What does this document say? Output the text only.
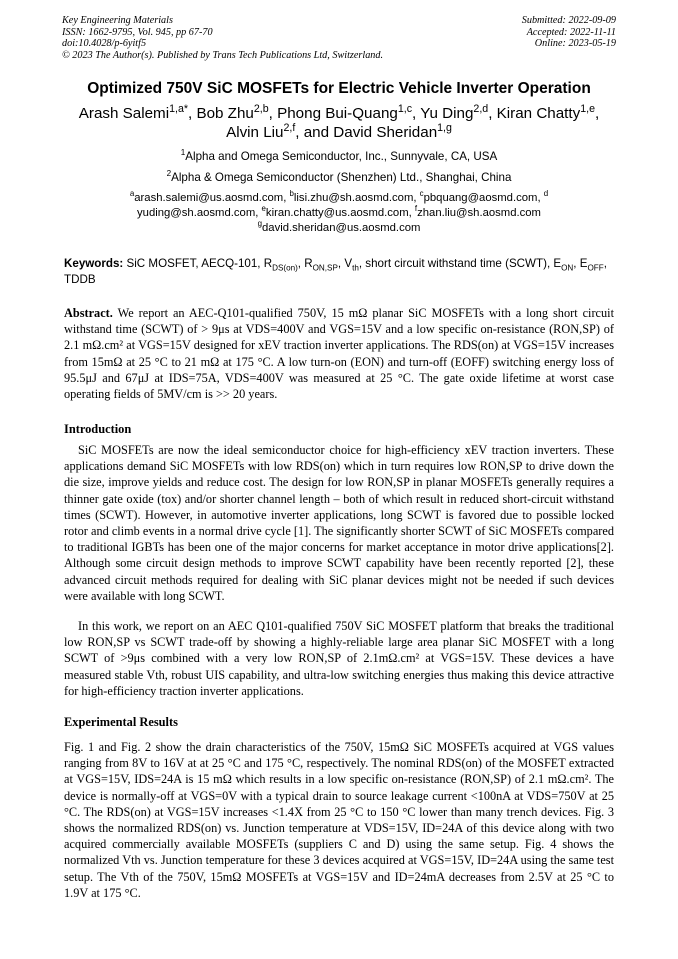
Key Engineering Materials
ISSN: 1662-9795, Vol. 945, pp 67-70
doi:10.4028/p-6yitf5
© 2023 The Author(s). Published by Trans Tech Publications Ltd, Switzerland.
Submitted: 2022-09-09
Accepted: 2022-11-11
Online: 2023-05-19
Optimized 750V SiC MOSFETs for Electric Vehicle Inverter Operation
Arash Salemi$^{1,a*}$, Bob Zhu$^{2,b}$, Phong Bui-Quang$^{1,c}$, Yu Ding$^{2,d}$, Kiran Chatty$^{1,e}$,
Alvin Liu$^{2,f}$, and David Sheridan$^{1,g}$
$^1$Alpha and Omega Semiconductor, Inc., Sunnyvale, CA, USA
$^2$Alpha & Omega Semiconductor (Shenzhen) Ltd., Shanghai, China
$^a$arash.salemi@us.aosmd.com, $^b$lisi.zhu@sh.aosmd.com, $^c$pbquang@aosmd.com, $^d$
yuding@sh.aosmd.com, $^e$kiran.chatty@us.aosmd.com, $^f$zhan.liu@sh.aosmd.com
$^g$david.sheridan@us.aosmd.com
Keywords: SiC MOSFET, AECQ-101, $R_{DS(on)}$, $R_{ON,SP}$, $V_{th}$, short circuit withstand time (SCWT), $E_{ON}$, $E_{OFF}$, TDDB

Abstract. We report an AEC-Q101-qualified 750V, 15 mΩ planar SiC MOSFETs with a long short circuit withstand time (SCWT) of > 9μs at VDS=400V and VGS=15V and a low specific on-resistance (RON,SP) of 2.1 mΩ.cm² at VGS=15V designed for xEV traction inverter applications. The RDS(on) at VGS=15V increases from 15mΩ at 25 °C to 21 mΩ at 175 °C. A low turn-on (EON) and turn-off (EOFF) switching energy loss of 95.5μJ and 67μJ at IDS=75A, VDS=400V was measured at 25 °C. The gate oxide lifetime at worst case operating fields of 5MV/cm is >> 20 years.

Introduction

SiC MOSFETs are now the ideal semiconductor choice for high-efficiency xEV traction inverters. These applications demand SiC MOSFETs with low RDS(on) which in turn requires low RON,SP to drive down the die size, improve yields and reduce cost. The design for low RON,SP in planar MOSFETs generally requires a thinner gate oxide (tox) and/or shorter channel length – both of which result in reduced short-circuit withstand times (SCWT). However, in automotive inverter applications, long SCWT is favored due to possible locked rotor and climb events in a normal drive cycle [1]. The significantly shorter SCWT of SiC MOSFETs compared to traditional IGBTs has been one of the major concerns for market acceptance in motor drive applications[2]. Although some circuit design methods to improve SCWT capability have been recently reported [2], these advanced circuit methods required for dealing with SiC planar devices might not be needed if such devices were available with long SCWT.

In this work, we report on an AEC Q101-qualified 750V SiC MOSFET platform that breaks the traditional low RON,SP vs SCWT trade-off by showing a highly-reliable large area planar SiC MOSFET with a long SCWT of >9μs combined with a very low RON,SP of 2.1mΩ.cm² at VGS=15V. These devices a have measured stable Vth, robust UIS capability, and ultra-low switching energies thus making this device attractive for high-efficiency traction inverter applications.

Experimental Results

Fig. 1 and Fig. 2 show the drain characteristics of the 750V, 15mΩ SiC MOSFETs acquired at VGS values ranging from 8V to 16V at at 25 °C and 175 °C, respectively. The nominal RDS(on) of the MOSFET extracted at VGS=15V, IDS=24A is 15 mΩ which results in a low specific on-resistance (RON,SP) of 2.1 mΩ.cm². The device is normally-off at VGS=0V with a typical drain to source leakage current <100nA at VDS=750V at 25 °C. The RDS(on) at VGS=15V increases <1.4X from 25 °C to 150 °C lower than many trench devices. Fig. 3 shows the normalized RDS(on) vs. Junction temperature at VDS=15V, ID=24A of this device along with two acquired commercially available MOSFETs (suppliers C and D) using the same setup. Fig. 4 shows the normalized Vth vs. Junction temperature for these 3 devices acquired at VGS=15V, ID=24A using the same test setup. The Vth of the 750V, 15mΩ MOSFETs at VGS=15V and ID=24mA decreases from 2.5V at 25 °C to 1.9V at 175 °C.
